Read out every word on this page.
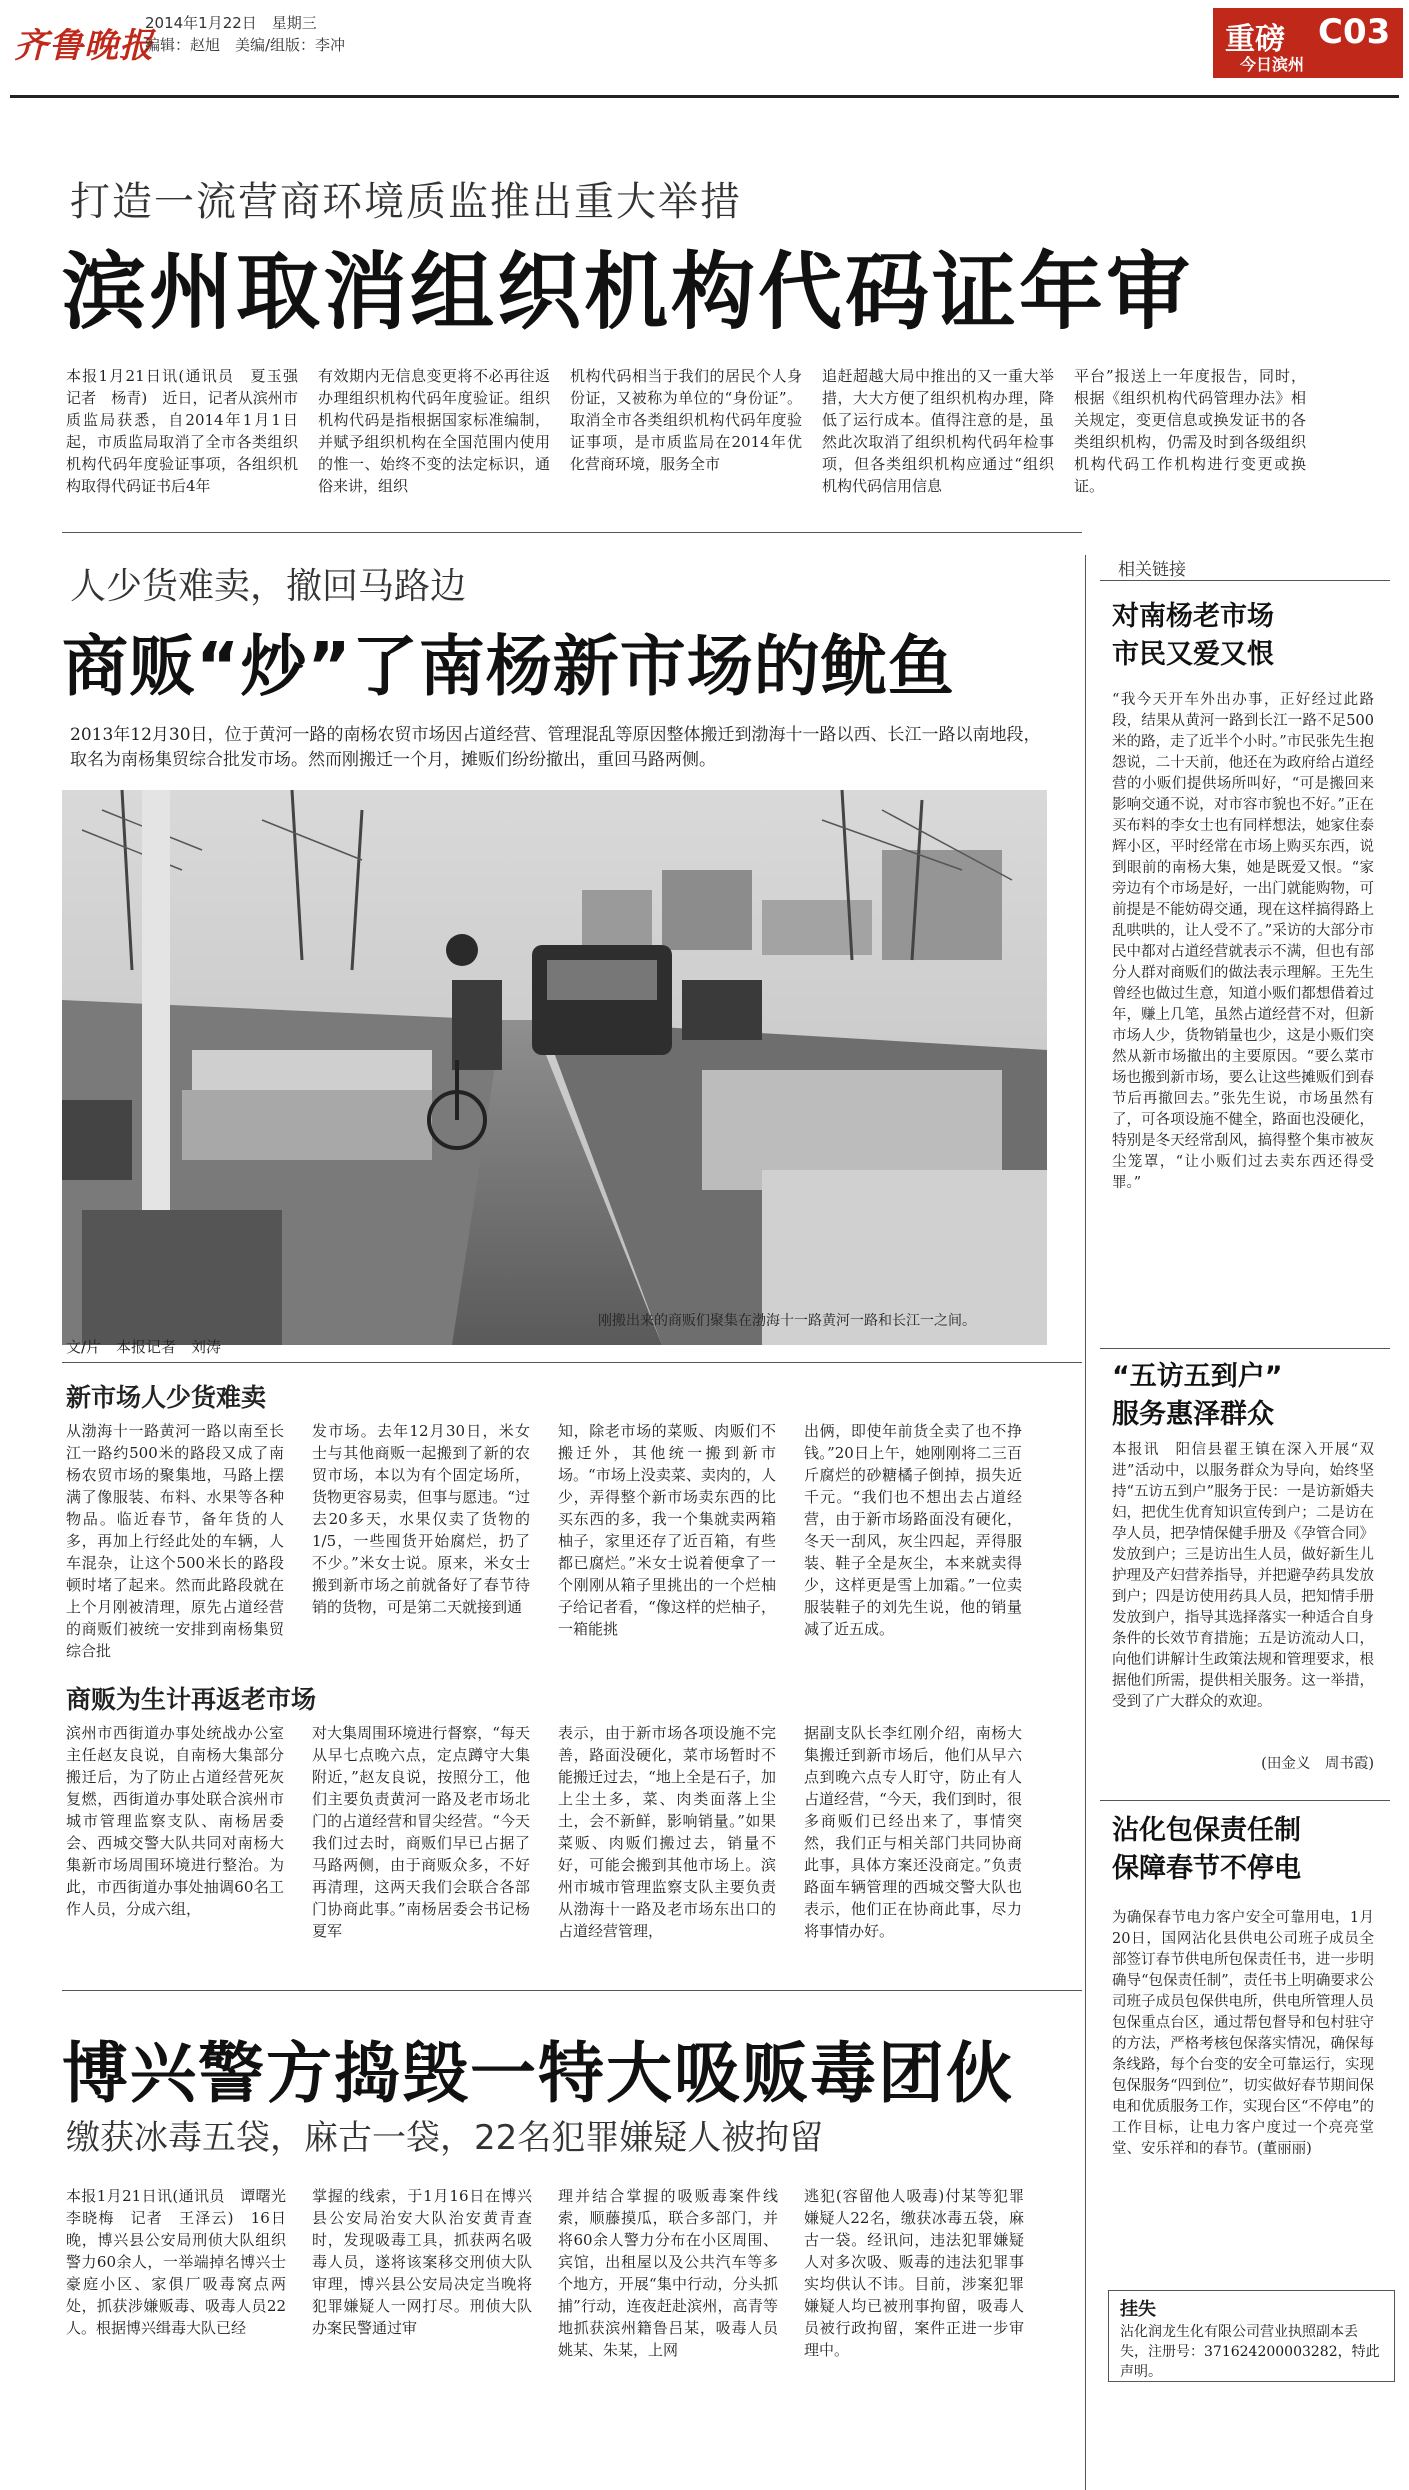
齐鲁晚报
2014年1月22日　星期三
编辑：赵旭　美编/组版：李冲	重磅 C03
今日滨州
打造一流营商环境质监推出重大举措
滨州取消组织机构代码证年审
本报1月21日讯(通讯员　夏玉强　记者　杨青)　近日，记者从滨州市质监局获悉，自2014年1月1日起，市质监局取消了全市各类组织机构代码年度验证事项，各组织机构取得代码证书后4年
有效期内无信息变更将不必再往返办理组织机构代码年度验证。组织机构代码是指根据国家标准编制，并赋予组织机构在全国范围内使用的惟一、始终不变的法定标识，通俗来讲，组织
机构代码相当于我们的居民个人身份证，又被称为单位的“身份证”。取消全市各类组织机构代码年度验证事项，是市质监局在2014年优化营商环境，服务全市
追赶超越大局中推出的又一重大举措，大大方便了组织机构办理，降低了运行成本。值得注意的是，虽然此次取消了组织机构代码年检事项，但各类组织机构应通过“组织机构代码信用信息
平台”报送上一年度报告，同时，根据《组织机构代码管理办法》相关规定，变更信息或换发证书的各类组织机构，仍需及时到各级组织机构代码工作机构进行变更或换证。
人少货难卖，撤回马路边
商贩“炒”了南杨新市场的鱿鱼
2013年12月30日，位于黄河一路的南杨农贸市场因占道经营、管理混乱等原因整体搬迁到渤海十一路以西、长江一路以南地段，取名为南杨集贸综合批发市场。然而刚搬迁一个月，摊贩们纷纷撤出，重回马路两侧。
刚搬出来的商贩们聚集在渤海十一路黄河一路和长江一之间。
文/片　本报记者　刘涛
新市场人少货难卖
从渤海十一路黄河一路以南至长江一路约500米的路段又成了南杨农贸市场的聚集地，马路上摆满了像服装、布料、水果等各种物品。临近春节，备年货的人多，再加上行经此处的车辆，人车混杂，让这个500米长的路段顿时堵了起来。然而此路段就在上个月刚被清理，原先占道经营的商贩们被统一安排到南杨集贸综合批
发市场。去年12月30日，米女士与其他商贩一起搬到了新的农贸市场，本以为有个固定场所，货物更容易卖，但事与愿违。“过去20多天，水果仅卖了货物的1/5，一些囤货开始腐烂，扔了不少。”米女士说。原来，米女士搬到新市场之前就备好了春节待销的货物，可是第二天就接到通
知，除老市场的菜贩、肉贩们不搬迁外，其他统一搬到新市场。“市场上没卖菜、卖肉的，人少，弄得整个新市场卖东西的比买东西的多，我一个集就卖两箱柚子，家里还存了近百箱，有些都已腐烂。”米女士说着便拿了一个刚刚从箱子里挑出的一个烂柚子给记者看，“像这样的烂柚子，一箱能挑
出俩，即使年前货全卖了也不挣钱。”20日上午，她刚刚将二三百斤腐烂的砂糖橘子倒掉，损失近千元。“我们也不想出去占道经营，由于新市场路面没有硬化，冬天一刮风，灰尘四起，弄得服装、鞋子全是灰尘，本来就卖得少，这样更是雪上加霜。”一位卖服装鞋子的刘先生说，他的销量减了近五成。
商贩为生计再返老市场
滨州市西街道办事处统战办公室主任赵友良说，自南杨大集部分搬迁后，为了防止占道经营死灰复燃，西街道办事处联合滨州市城市管理监察支队、南杨居委会、西城交警大队共同对南杨大集新市场周围环境进行整治。为此，市西街道办事处抽调60名工作人员，分成六组，
对大集周围环境进行督察，“每天从早七点晚六点，定点蹲守大集附近，”赵友良说，按照分工，他们主要负责黄河一路及老市场北门的占道经营和冒尖经营。“今天我们过去时，商贩们早已占据了马路两侧，由于商贩众多，不好再清理，这两天我们会联合各部门协商此事。”南杨居委会书记杨夏军
表示，由于新市场各项设施不完善，路面没硬化，菜市场暂时不能搬迁过去，“地上全是石子，加上尘土多，菜、肉类面落上尘土，会不新鲜，影响销量。”如果菜贩、肉贩们搬过去，销量不好，可能会搬到其他市场上。滨州市城市管理监察支队主要负责从渤海十一路及老市场东出口的占道经营管理，
据副支队长李红刚介绍，南杨大集搬迁到新市场后，他们从早六点到晚六点专人盯守，防止有人占道经营，“今天，我们到时，很多商贩们已经出来了，事情突然，我们正与相关部门共同协商此事，具体方案还没商定。”负责路面车辆管理的西城交警大队也表示，他们正在协商此事，尽力将事情办好。
相关链接
对南杨老市场
市民又爱又恨
“我今天开车外出办事，正好经过此路段，结果从黄河一路到长江一路不足500米的路，走了近半个小时。”市民张先生抱怨说，二十天前，他还在为政府给占道经营的小贩们提供场所叫好，“可是搬回来影响交通不说，对市容市貌也不好。”正在买布料的李女士也有同样想法，她家住泰辉小区，平时经常在市场上购买东西，说到眼前的南杨大集，她是既爱又恨。“家旁边有个市场是好，一出门就能购物，可前提是不能妨碍交通，现在这样搞得路上乱哄哄的，让人受不了。”采访的大部分市民中都对占道经营就表示不满，但也有部分人群对商贩们的做法表示理解。王先生曾经也做过生意，知道小贩们都想借着过年，赚上几笔，虽然占道经营不对，但新市场人少，货物销量也少，这是小贩们突然从新市场撤出的主要原因。“要么菜市场也搬到新市场，要么让这些摊贩们到春节后再撤回去。”张先生说，市场虽然有了，可各项设施不健全，路面也没硬化，特别是冬天经常刮风，搞得整个集市被灰尘笼罩，“让小贩们过去卖东西还得受罪。”
“五访五到户”
服务惠泽群众
本报讯　阳信县翟王镇在深入开展“双进”活动中，以服务群众为导向，始终坚持“五访五到户”服务于民：一是访新婚夫妇，把优生优育知识宣传到户；二是访在孕人员，把孕情保健手册及《孕管合同》发放到户；三是访出生人员，做好新生儿护理及产妇营养指导，并把避孕药具发放到户；四是访使用药具人员，把知情手册发放到户，指导其选择落实一种适合自身条件的长效节育措施；五是访流动人口，向他们讲解计生政策法规和管理要求，根据他们所需，提供相关服务。这一举措，受到了广大群众的欢迎。
(田金义　周书霞)
沾化包保责任制
保障春节不停电
为确保春节电力客户安全可靠用电，1月20日，国网沾化县供电公司班子成员全部签订春节供电所包保责任书，进一步明确导“包保责任制”，责任书上明确要求公司班子成员包保供电所，供电所管理人员包保重点台区，通过帮包督导和包村驻守的方法，严格考核包保落实情况，确保每条线路，每个台变的安全可靠运行，实现包保服务“四到位”，切实做好春节期间保电和优质服务工作，实现台区“不停电”的工作目标，让电力客户度过一个亮亮堂堂、安乐祥和的春节。(董丽丽)
博兴警方捣毁一特大吸贩毒团伙
缴获冰毒五袋，麻古一袋，22名犯罪嫌疑人被拘留
本报1月21日讯(通讯员　谭曙光　李晓梅　记者　王泽云)　16日晚，博兴县公安局刑侦大队组织警力60余人，一举端掉名博兴士豪庭小区、家俱厂吸毒窝点两处，抓获涉嫌贩毒、吸毒人员22人。根据博兴缉毒大队已经
掌握的线索，于1月16日在博兴县公安局治安大队治安黄青查时，发现吸毒工具，抓获两名吸毒人员，遂将该案移交刑侦大队审理，博兴县公安局决定当晚将犯罪嫌疑人一网打尽。刑侦大队办案民警通过审
理并结合掌握的吸贩毒案件线索，顺藤摸瓜，联合多部门，并将60余人警力分布在小区周围、宾馆，出租屋以及公共汽车等多个地方，开展“集中行动，分头抓捕”行动，连夜赶赴滨州，高青等地抓获滨州籍鲁吕某，吸毒人员姚某、朱某，上网
逃犯(容留他人吸毒)付某等犯罪嫌疑人22名，缴获冰毒五袋，麻古一袋。经讯问，违法犯罪嫌疑人对多次吸、贩毒的违法犯罪事实均供认不讳。目前，涉案犯罪嫌疑人均已被刑事拘留，吸毒人员被行政拘留，案件正进一步审理中。
挂失
沾化润龙生化有限公司营业执照副本丢失，注册号：371624200003282，特此声明。
